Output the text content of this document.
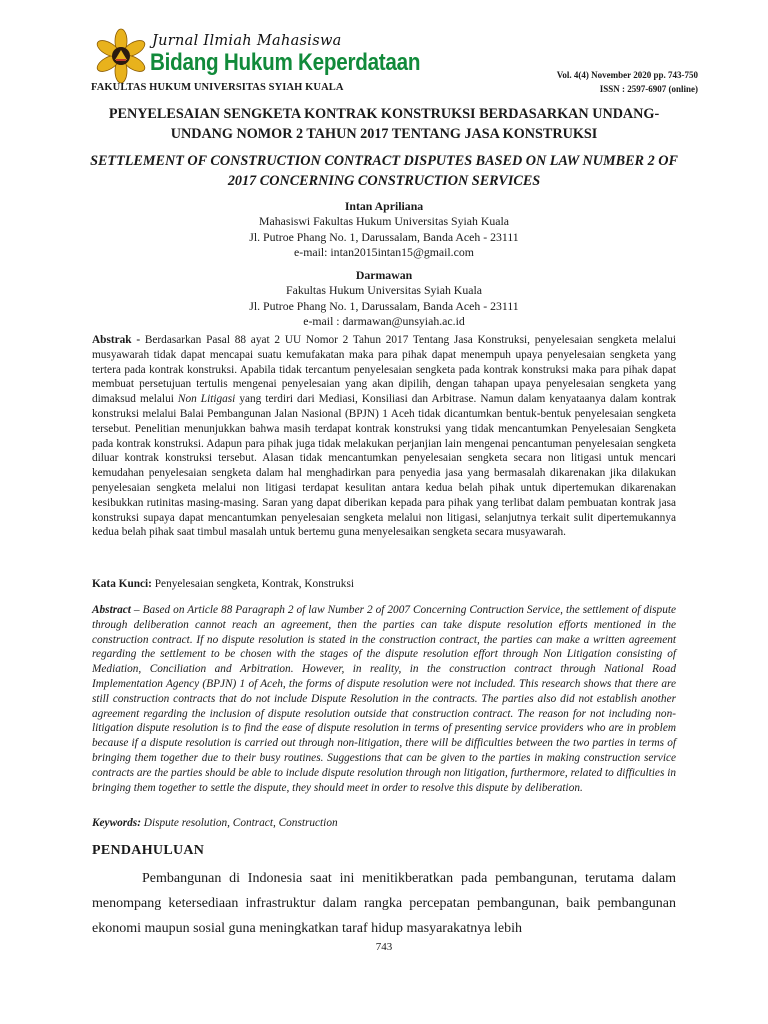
Jurnal Ilmiah Mahasiswa
Bidang Hukum Keperdataan
FAKULTAS HUKUM UNIVERSITAS SYIAH KUALA
Vol. 4(4) November 2020 pp. 743-750
ISSN : 2597-6907 (online)
PENYELESAIAN SENGKETA KONTRAK KONSTRUKSI BERDASARKAN UNDANG-UNDANG NOMOR 2 TAHUN 2017 TENTANG JASA KONSTRUKSI
SETTLEMENT OF CONSTRUCTION CONTRACT DISPUTES BASED ON LAW NUMBER 2 OF 2017 CONCERNING CONSTRUCTION SERVICES
Intan Apriliana
Mahasiswi Fakultas Hukum Universitas Syiah Kuala
Jl. Putroe Phang No. 1, Darussalam, Banda Aceh - 23111
e-mail: intan2015intan15@gmail.com
Darmawan
Fakultas Hukum Universitas Syiah Kuala
Jl. Putroe Phang No. 1, Darussalam, Banda Aceh - 23111
e-mail : darmawan@unsyiah.ac.id
Abstrak - Berdasarkan Pasal 88 ayat 2 UU Nomor 2 Tahun 2017 Tentang Jasa Konstruksi, penyelesaian sengketa melalui musyawarah tidak dapat mencapai suatu kemufakatan maka para pihak dapat menempuh upaya penyelesaian sengketa yang tertera pada kontrak konstruksi. Apabila tidak tercantum penyelesaian sengketa pada kontrak konstruksi maka para pihak dapat membuat persetujuan tertulis mengenai penyelesaian yang akan dipilih, dengan tahapan upaya penyelesaian sengketa yang dimaksud melalui Non Litigasi yang terdiri dari Mediasi, Konsiliasi dan Arbitrase. Namun dalam kenyataanya dalam kontrak konstruksi melalui Balai Pembangunan Jalan Nasional (BPJN) 1 Aceh tidak dicantumkan bentuk-bentuk penyelesaian sengketa tersebut. Penelitian menunjukkan bahwa masih terdapat kontrak konstruksi yang tidak mencantumkan Penyelesaian Sengketa pada kontrak konstruksi. Adapun para pihak juga tidak melakukan perjanjian lain mengenai pencantuman penyelesaian sengketa diluar kontrak konstruksi tersebut. Alasan tidak mencantumkan penyelesaian sengketa secara non litigasi untuk mencari kemudahan penyelesaian sengketa dalam hal menghadirkan para penyedia jasa yang bermasalah dikarenakan jika dilakukan penyelesaian sengketa melalui non litigasi terdapat kesulitan antara kedua belah pihak untuk dipertemukan dikarenakan kesibukkan rutinitas masing-masing. Saran yang dapat diberikan kepada para pihak yang terlibat dalam pembuatan kontrak jasa konstruksi supaya dapat mencantumkan penyelesaian sengketa melalui non litigasi, selanjutnya terkait sulit dipertemukannya kedua belah pihak saat timbul masalah untuk bertemu guna menyelesaikan sengketa secara musyawarah.
Kata Kunci: Penyelesaian sengketa, Kontrak, Konstruksi
Abstract – Based on Article 88 Paragraph 2 of law Number 2 of 2007 Concerning Contruction Service, the settlement of dispute through deliberation cannot reach an agreement, then the parties can take dispute resolution efforts mentioned in the construction contract. If no dispute resolution is stated in the construction contract, the parties can make a written agreement regarding the settlement to be chosen with the stages of the dispute resolution effort through Non Litigation consisting of Mediation, Conciliation and Arbitration. However, in reality, in the construction contract through National Road Implementation Agency (BPJN) 1 of Aceh, the forms of dispute resolution were not included. This research shows that there are still construction contracts that do not include Dispute Resolution in the contracts. The parties also did not establish another agreement regarding the inclusion of dispute resolution outside that construction contract. The reason for not including non-litigation dispute resolution is to find the ease of dispute resolution in terms of presenting service providers who are in problem because if a dispute resolution is carried out through non-litigation, there will be difficulties between the two parties in terms of bringing them together due to their busy routines. Suggestions that can be given to the parties in making construction service contracts are the parties should be able to include dispute resolution through non litigation, furthermore, related to difficulties in bringing them together to settle the dispute, they should meet in order to resolve this dispute by deliberation.
Keywords: Dispute resolution, Contract, Construction
PENDAHULUAN
Pembangunan di Indonesia saat ini menitikberatkan pada pembangunan, terutama dalam menompang ketersediaan infrastruktur dalam rangka percepatan pembangunan, baik pembangunan ekonomi maupun sosial guna meningkatkan taraf hidup masyarakatnya lebih
743
